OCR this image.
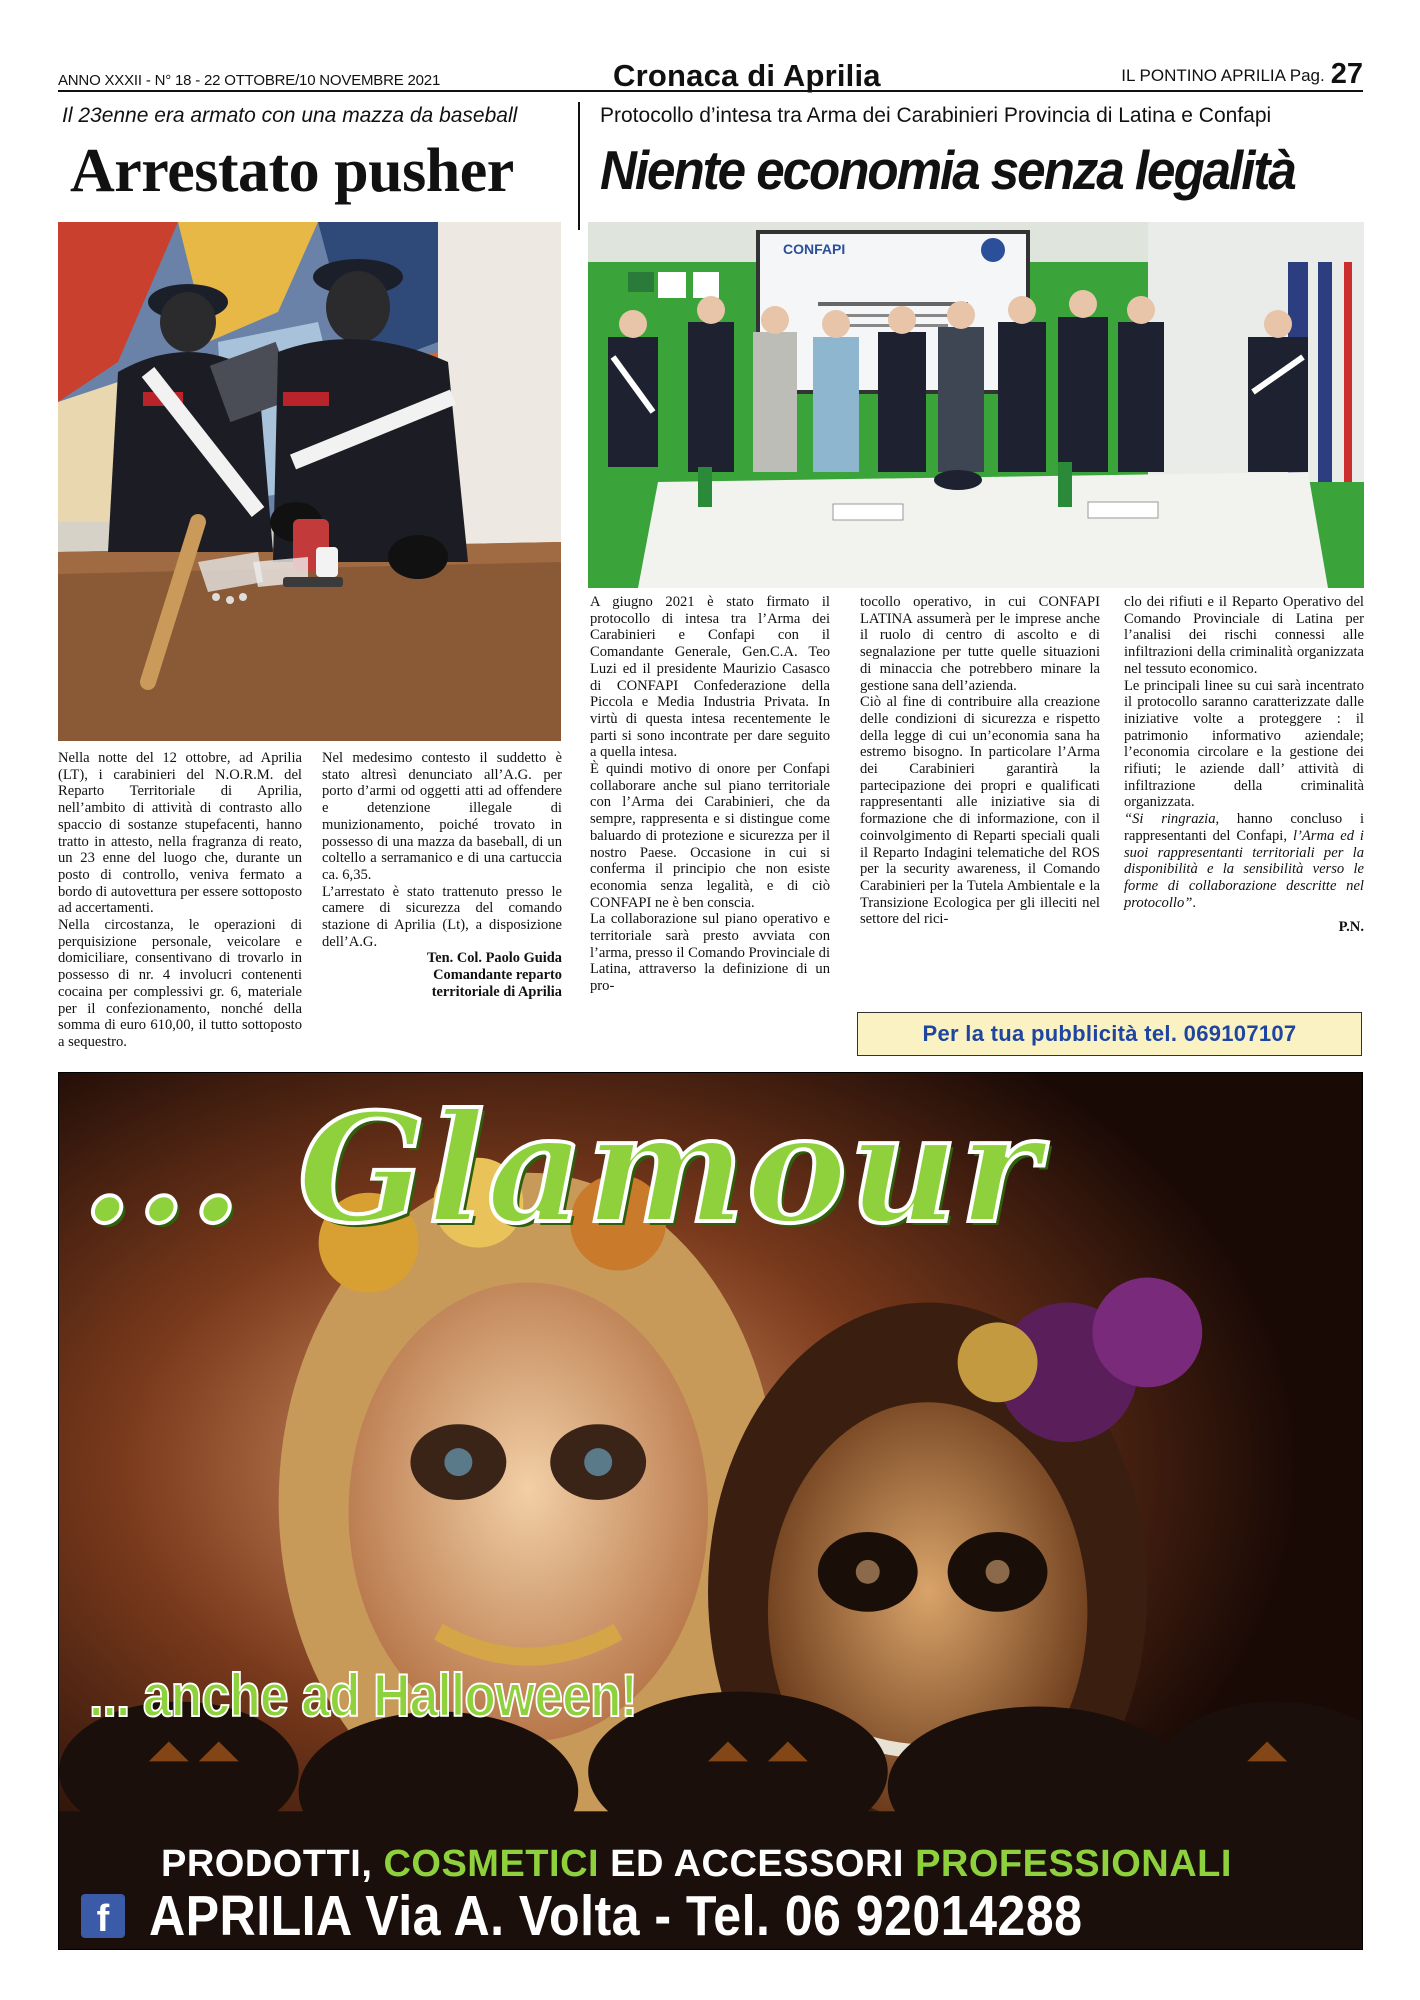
ANNO XXXII - N° 18 - 22 OTTOBRE/10 NOVEMBRE 2021	Cronaca di Aprilia	IL PONTINO APRILIA Pag. 27
Il 23enne era armato con una mazza da baseball
Arrestato pusher
Protocollo d’intesa tra Arma dei Carabinieri Provincia di Latina e Confapi
Niente economia senza legalità
CONFAPI

Nella notte del 12 ottobre, ad Aprilia (LT), i carabinieri del N.O.R.M. del Reparto Territoriale di Aprilia, nell’ambito di attività di contrasto allo spaccio di sostanze stupefacenti, hanno tratto in attesto, nella fragranza di reato, un 23 enne del luogo che, durante un posto di controllo, veniva fermato a bordo di autovettura per essere sottoposto ad accertamenti.

Nella circostanza, le operazioni di perquisizione personale, veicolare e domiciliare, consentivano di trovarlo in possesso di nr. 4 involucri contenenti cocaina per complessivi gr. 6, materiale per il confezionamento, nonché della somma di euro 610,00, il tutto sottoposto a sequestro.

Nel medesimo contesto il suddetto è stato altresì denunciato all’A.G. per porto d’armi od oggetti atti ad offendere e detenzione illegale di munizionamento, poiché trovato in possesso di una mazza da baseball, di un coltello a serramanico e di una cartuccia ca. 6,35.

L’arrestato è stato trattenuto presso le camere di sicurezza del comando stazione di Aprilia (Lt), a disposizione dell’A.G.

Ten. Col. Paolo Guida
Comandante reparto
territoriale di Aprilia

A giugno 2021 è stato firmato il protocollo di intesa tra l’Arma dei Carabinieri e Confapi con il Comandante Generale, Gen.C.A. Teo Luzi ed il presidente Maurizio Casasco di CONFAPI Confederazione della Piccola e Media Industria Privata. In virtù di questa intesa recentemente le parti si sono incontrate per dare seguito a quella intesa.

È quindi motivo di onore per Confapi collaborare anche sul piano territoriale con l’Arma dei Carabinieri, che da sempre, rappresenta e si distingue come baluardo di protezione e sicurezza per il nostro Paese. Occasione in cui si conferma il principio che non esiste economia senza legalità, e di ciò CONFAPI ne è ben conscia.

La collaborazione sul piano operativo e territoriale sarà presto avviata con l’arma, presso il Comando Provinciale di Latina, attraverso la definizione di un pro-

tocollo operativo, in cui CONFAPI LATINA assumerà per le imprese anche il ruolo di centro di ascolto e di segnalazione per tutte quelle situazioni di minaccia che potrebbero minare la gestione sana dell’azienda.

Ciò al fine di contribuire alla creazione delle condizioni di sicurezza e rispetto della legge di cui un’economia sana ha estremo bisogno. In particolare l’Arma dei Carabinieri garantirà la partecipazione dei propri e qualificati rappresentanti alle iniziative sia di formazione che di informazione, con il coinvolgimento di Reparti speciali quali il Reparto Indagini telematiche del ROS per la security awareness, il Comando Carabinieri per la Tutela Ambientale e la Transizione Ecologica per gli illeciti nel settore del rici-

clo dei rifiuti e il Reparto Operativo del Comando Provinciale di Latina per l’analisi dei rischi connessi alle infiltrazioni della criminalità organizzata nel tessuto economico.

Le principali linee su cui sarà incentrato il protocollo saranno caratterizzate dalle iniziative volte a proteggere : il patrimonio informativo aziendale; l’economia circolare e la gestione dei rifiuti; le aziende dall’ attività di infiltrazione della criminalità organizzata.

“Si ringrazia, hanno concluso i rappresentanti del Confapi, l’Arma ed i suoi rappresentanti territoriali per la disponibilità e la sensibilità verso le forme di collaborazione descritte nel protocollo”.

P.N.
Per la tua pubblicità tel. 069107107
... Glamour
... anche ad Halloween!
PRODOTTI, COSMETICI ED ACCESSORI PROFESSIONALI
f APRILIA Via A. Volta - Tel. 06 92014288
